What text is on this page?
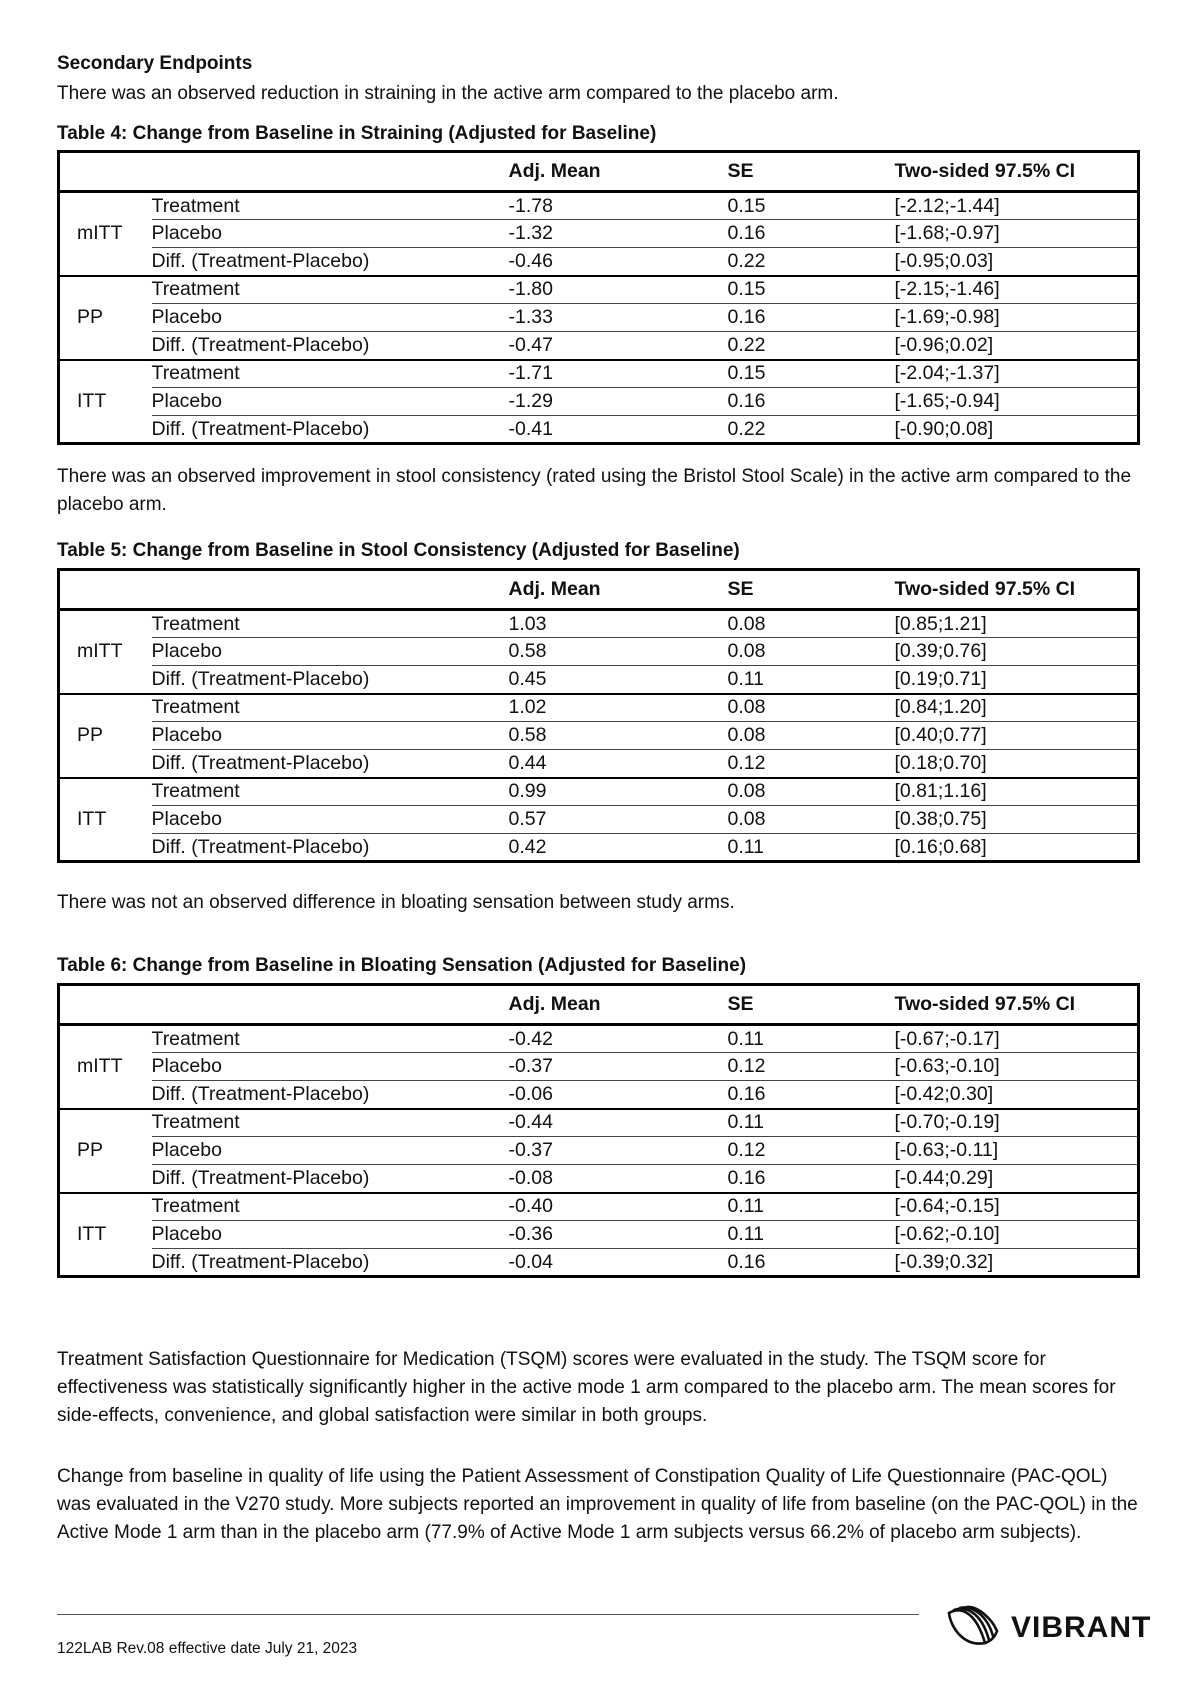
Secondary Endpoints
There was an observed reduction in straining in the active arm compared to the placebo arm.
Table 4: Change from Baseline in Straining (Adjusted for Baseline)
		Adj. Mean	SE	Two-sided 97.5% CI
mITT	Treatment	-1.78	0.15	[-2.12;-1.44]
	Placebo	-1.32	0.16	[-1.68;-0.97]
	Diff. (Treatment-Placebo)	-0.46	0.22	[-0.95;0.03]
PP	Treatment	-1.80	0.15	[-2.15;-1.46]
	Placebo	-1.33	0.16	[-1.69;-0.98]
	Diff. (Treatment-Placebo)	-0.47	0.22	[-0.96;0.02]
ITT	Treatment	-1.71	0.15	[-2.04;-1.37]
	Placebo	-1.29	0.16	[-1.65;-0.94]
	Diff. (Treatment-Placebo)	-0.41	0.22	[-0.90;0.08]
There was an observed improvement in stool consistency (rated using the Bristol Stool Scale) in the active arm compared to the placebo arm.
Table 5: Change from Baseline in Stool Consistency (Adjusted for Baseline)
		Adj. Mean	SE	Two-sided 97.5% CI
mITT	Treatment	1.03	0.08	[0.85;1.21]
	Placebo	0.58	0.08	[0.39;0.76]
	Diff. (Treatment-Placebo)	0.45	0.11	[0.19;0.71]
PP	Treatment	1.02	0.08	[0.84;1.20]
	Placebo	0.58	0.08	[0.40;0.77]
	Diff. (Treatment-Placebo)	0.44	0.12	[0.18;0.70]
ITT	Treatment	0.99	0.08	[0.81;1.16]
	Placebo	0.57	0.08	[0.38;0.75]
	Diff. (Treatment-Placebo)	0.42	0.11	[0.16;0.68]
There was not an observed difference in bloating sensation between study arms.
Table 6: Change from Baseline in Bloating Sensation (Adjusted for Baseline)
		Adj. Mean	SE	Two-sided 97.5% CI
mITT	Treatment	-0.42	0.11	[-0.67;-0.17]
	Placebo	-0.37	0.12	[-0.63;-0.10]
	Diff. (Treatment-Placebo)	-0.06	0.16	[-0.42;0.30]
PP	Treatment	-0.44	0.11	[-0.70;-0.19]
	Placebo	-0.37	0.12	[-0.63;-0.11]
	Diff. (Treatment-Placebo)	-0.08	0.16	[-0.44;0.29]
ITT	Treatment	-0.40	0.11	[-0.64;-0.15]
	Placebo	-0.36	0.11	[-0.62;-0.10]
	Diff. (Treatment-Placebo)	-0.04	0.16	[-0.39;0.32]
Treatment Satisfaction Questionnaire for Medication (TSQM) scores were evaluated in the study. The TSQM score for effectiveness was statistically significantly higher in the active mode 1 arm compared to the placebo arm. The mean scores for side-effects, convenience, and global satisfaction were similar in both groups.
Change from baseline in quality of life using the Patient Assessment of Constipation Quality of Life Questionnaire (PAC-QOL) was evaluated in the V270 study. More subjects reported an improvement in quality of life from baseline (on the PAC-QOL) in the Active Mode 1 arm than in the placebo arm (77.9% of Active Mode 1 arm subjects versus 66.2% of placebo arm subjects).
122LAB Rev.08 effective date July 21, 2023
VIBRANT
